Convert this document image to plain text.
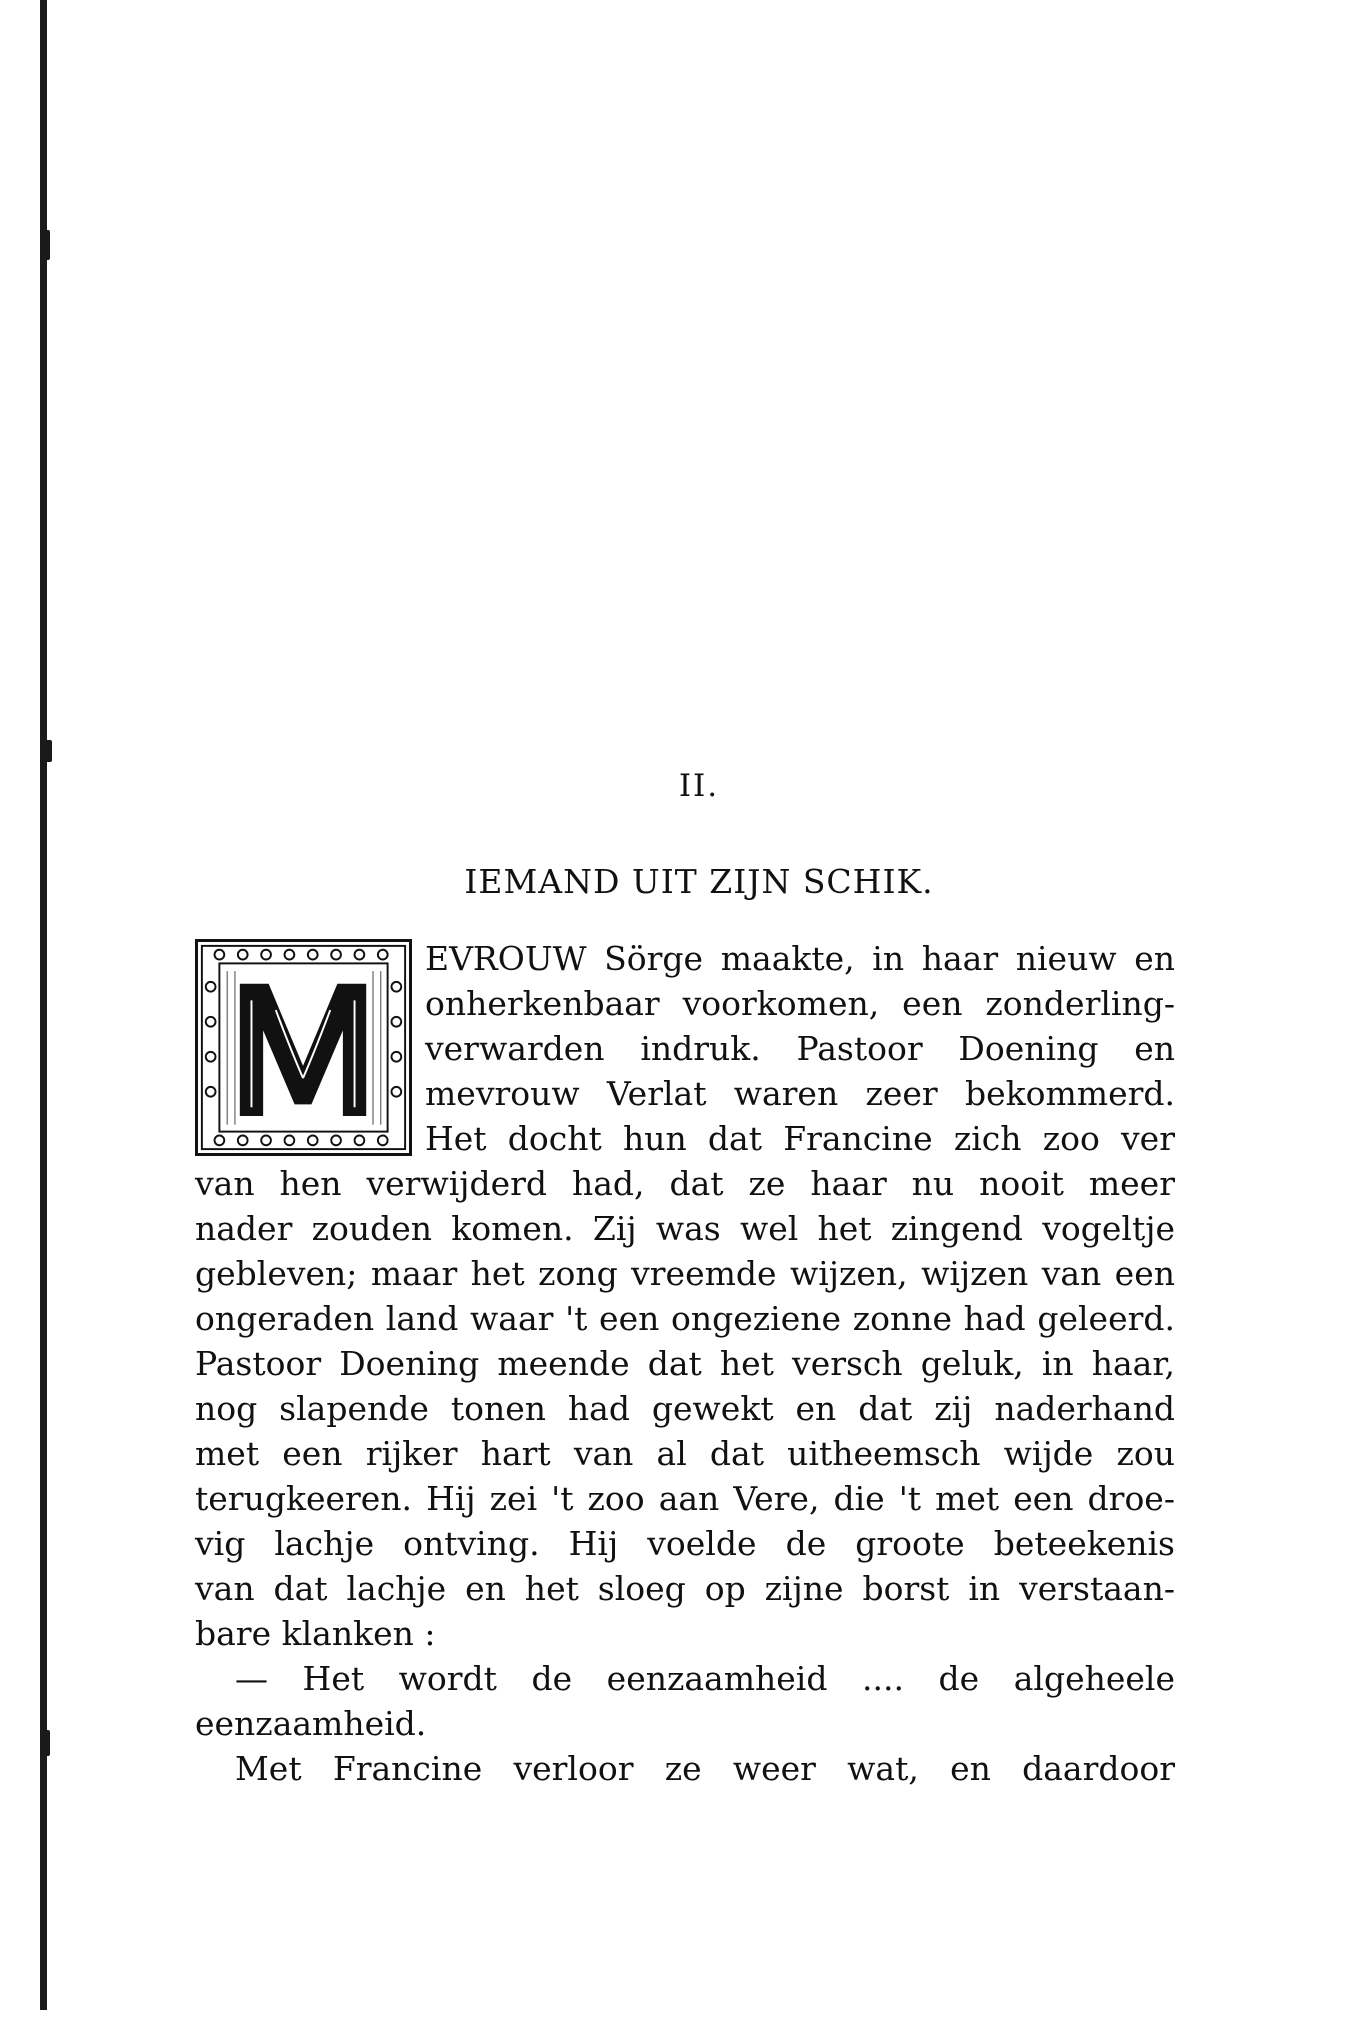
II.
IEMAND UIT ZIJN SCHIK.
EVROUW Sörge maakte, in haar nieuw en
onherkenbaar voorkomen, een zonderling-
verwarden indruk. Pastoor Doening en
mevrouw Verlat waren zeer bekommerd.
Het docht hun dat Francine zich zoo ver
van hen verwijderd had, dat ze haar nu nooit meer
nader zouden komen. Zij was wel het zingend vogeltje
gebleven; maar het zong vreemde wijzen, wijzen van een
ongeraden land waar 't een ongeziene zonne had geleerd.
Pastoor Doening meende dat het versch geluk, in haar,
nog slapende tonen had gewekt en dat zij naderhand
met een rijker hart van al dat uitheemsch wijde zou
terugkeeren. Hij zei 't zoo aan Vere, die 't met een droe-
vig lachje ontving. Hij voelde de groote beteekenis
van dat lachje en het sloeg op zijne borst in verstaan-
bare klanken :
— Het wordt de eenzaamheid .... de algeheele
eenzaamheid.
Met Francine verloor ze weer wat, en daardoor
